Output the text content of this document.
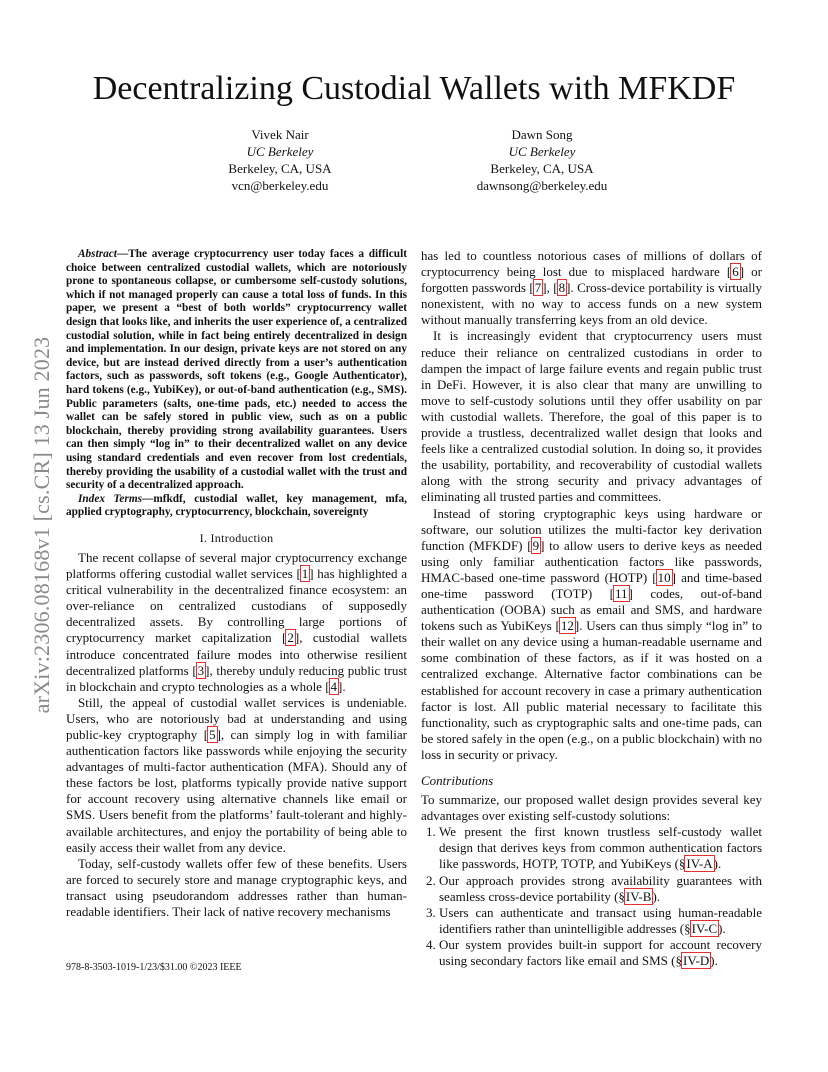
Decentralizing Custodial Wallets with MFKDF
Vivek Nair
UC Berkeley
Berkeley, CA, USA
vcn@berkeley.edu
Dawn Song
UC Berkeley
Berkeley, CA, USA
dawnsong@berkeley.edu
arXiv:2306.08168v1 [cs.CR] 13 Jun 2023

Abstract—The average cryptocurrency user today faces a difficult choice between centralized custodial wallets, which are notoriously prone to spontaneous collapse, or cumbersome self-custody solutions, which if not managed properly can cause a total loss of funds. In this paper, we present a “best of both worlds” cryptocurrency wallet design that looks like, and inherits the user experience of, a centralized custodial solution, while in fact being entirely decentralized in design and implementation. In our design, private keys are not stored on any device, but are instead derived directly from a user’s authentication factors, such as passwords, soft tokens (e.g., Google Authenticator), hard tokens (e.g., YubiKey), or out-of-band authentication (e.g., SMS). Public parameters (salts, one-time pads, etc.) needed to access the wallet can be safely stored in public view, such as on a public blockchain, thereby providing strong availability guarantees. Users can then simply “log in” to their decentralized wallet on any device using standard credentials and even recover from lost credentials, thereby providing the usability of a custodial wallet with the trust and security of a decentralized approach.

Index Terms—mfkdf, custodial wallet, key management, mfa, applied cryptography, cryptocurrency, blockchain, sovereignty

I. Introduction

The recent collapse of several major cryptocurrency exchange platforms offering custodial wallet services [1] has highlighted a critical vulnerability in the decentralized finance ecosystem: an over-reliance on centralized custodians of supposedly decentralized assets. By controlling large portions of cryptocurrency market capitalization [2], custodial wallets introduce concentrated failure modes into otherwise resilient decentralized platforms [3], thereby unduly reducing public trust in blockchain and crypto technologies as a whole [4].

Still, the appeal of custodial wallet services is undeniable. Users, who are notoriously bad at understanding and using public-key cryptography [5], can simply log in with familiar authentication factors like passwords while enjoying the security advantages of multi-factor authentication (MFA). Should any of these factors be lost, platforms typically provide native support for account recovery using alternative channels like email or SMS. Users benefit from the platforms’ fault-tolerant and highly-available architectures, and enjoy the portability of being able to easily access their wallet from any device.

Today, self-custody wallets offer few of these benefits. Users are forced to securely store and manage cryptographic keys, and transact using pseudorandom addresses rather than human-readable identifiers. Their lack of native recovery mechanisms

has led to countless notorious cases of millions of dollars of cryptocurrency being lost due to misplaced hardware [6] or forgotten passwords [7], [8]. Cross-device portability is virtually nonexistent, with no way to access funds on a new system without manually transferring keys from an old device.

It is increasingly evident that cryptocurrency users must reduce their reliance on centralized custodians in order to dampen the impact of large failure events and regain public trust in DeFi. However, it is also clear that many are unwilling to move to self-custody solutions until they offer usability on par with custodial wallets. Therefore, the goal of this paper is to provide a trustless, decentralized wallet design that looks and feels like a centralized custodial solution. In doing so, it provides the usability, portability, and recoverability of custodial wallets along with the strong security and privacy advantages of eliminating all trusted parties and committees.

Instead of storing cryptographic keys using hardware or software, our solution utilizes the multi-factor key derivation function (MFKDF) [9] to allow users to derive keys as needed using only familiar authentication factors like passwords, HMAC-based one-time password (HOTP) [10] and time-based one-time password (TOTP) [11] codes, out-of-band authentication (OOBA) such as email and SMS, and hardware tokens such as YubiKeys [12]. Users can thus simply “log in” to their wallet on any device using a human-readable username and some combination of these factors, as if it was hosted on a centralized exchange. Alternative factor combinations can be established for account recovery in case a primary authentication factor is lost. All public material necessary to facilitate this functionality, such as cryptographic salts and one-time pads, can be stored safely in the open (e.g., on a public blockchain) with no loss in security or privacy.

Contributions

To summarize, our proposed wallet design provides several key advantages over existing self-custody solutions:

1. We present the first known trustless self-custody wallet design that derives keys from common authentication factors like passwords, HOTP, TOTP, and YubiKeys (§IV-A).
2. Our approach provides strong availability guarantees with seamless cross-device portability (§IV-B).
3. Users can authenticate and transact using human-readable identifiers rather than unintelligible addresses (§IV-C).
4. Our system provides built-in support for account recovery using secondary factors like email and SMS (§IV-D).
978-8-3503-1019-1/23/$31.00 ©2023 IEEE
